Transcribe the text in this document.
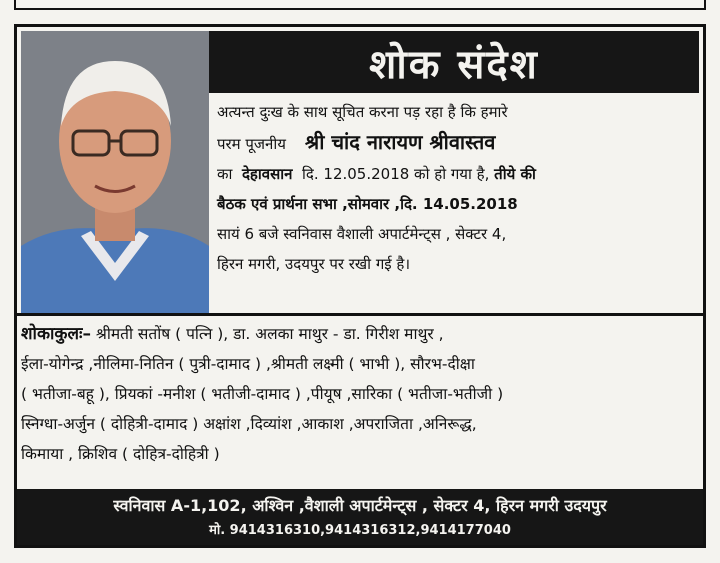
शोक संदेश
अत्यन्त दुःख के साथ सूचित करना पड़ रहा है कि हमारे
परम पूजनीय श्री चांद नारायण श्रीवास्तव
का देहावसान दि. 12.05.2018 को हो गया है, तीये की
बैठक एवं प्रार्थना सभा ,सोमवार ,दि. 14.05.2018
सायं 6 बजे स्वनिवास वैशाली अपार्टमेन्ट्स , सेक्टर 4,
हिरन मगरी, उदयपुर पर रखी गई है।
शोकाकुलः– श्रीमती सतोंष ( पत्नि ), डा. अलका माथुर - डा. गिरीश माथुर ,
ईला-योगेन्द्र ,नीलिमा-नितिन ( पुत्री-दामाद ) ,श्रीमती लक्ष्मी ( भाभी ), सौरभ-दीक्षा
( भतीजा-बहू ), प्रियकां -मनीश ( भतीजी-दामाद ) ,पीयूष ,सारिका ( भतीजा-भतीजी )
स्निग्धा-अर्जुन ( दोहित्री-दामाद ) अक्षांश ,दिव्यांश ,आकाश ,अपराजिता ,अनिरूद्ध,
किमाया , क्रिशिव ( दोहित्र-दोहित्री )
स्वनिवास A-1,102, अश्विन ,वैशाली अपार्टमेन्ट्स , सेक्टर 4, हिरन मगरी उदयपुर
मो. 9414316310,9414316312,9414177040
